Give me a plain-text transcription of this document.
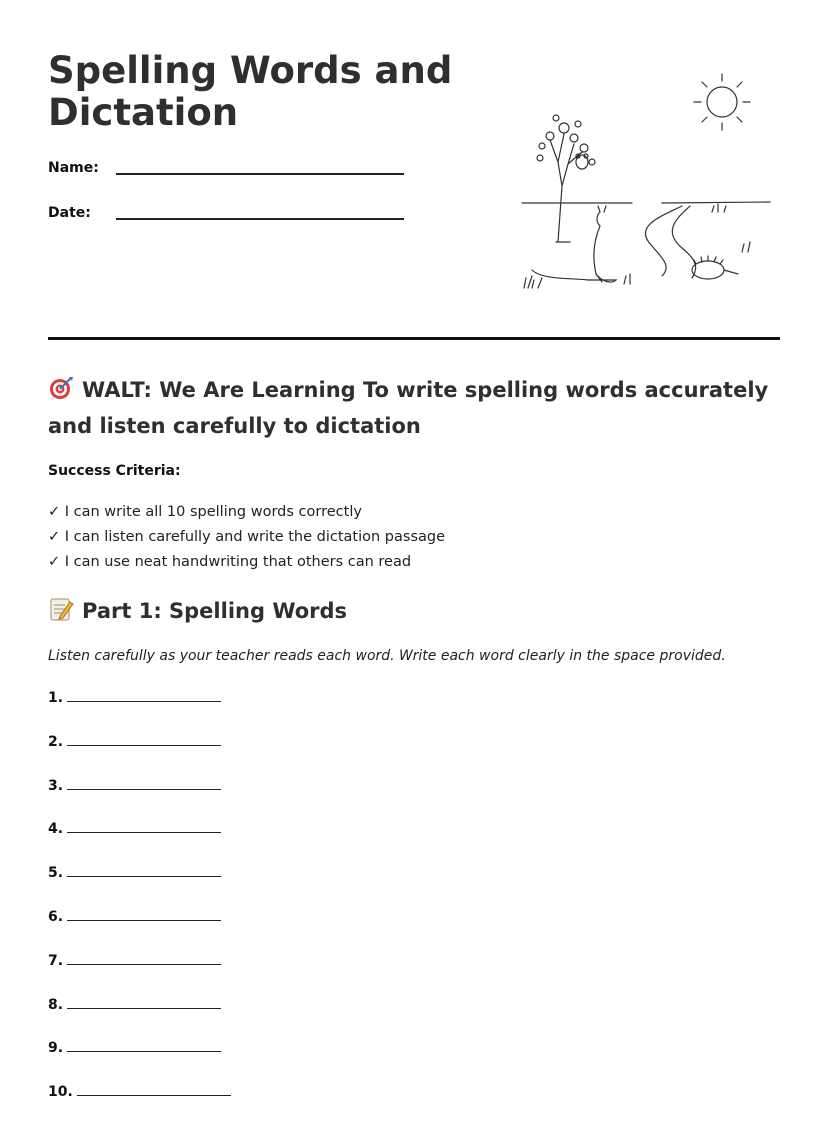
Spelling Words and Dictation
Name:
Date:
WALT: We Are Learning To write spelling words accurately and listen carefully to dictation
Success Criteria:
✓ I can write all 10 spelling words correctly
✓ I can listen carefully and write the dictation passage
✓ I can use neat handwriting that others can read
Part 1: Spelling Words
Listen carefully as your teacher reads each word. Write each word clearly in the space provided.
1.
2.
3.
4.
5.
6.
7.
8.
9.
10.
